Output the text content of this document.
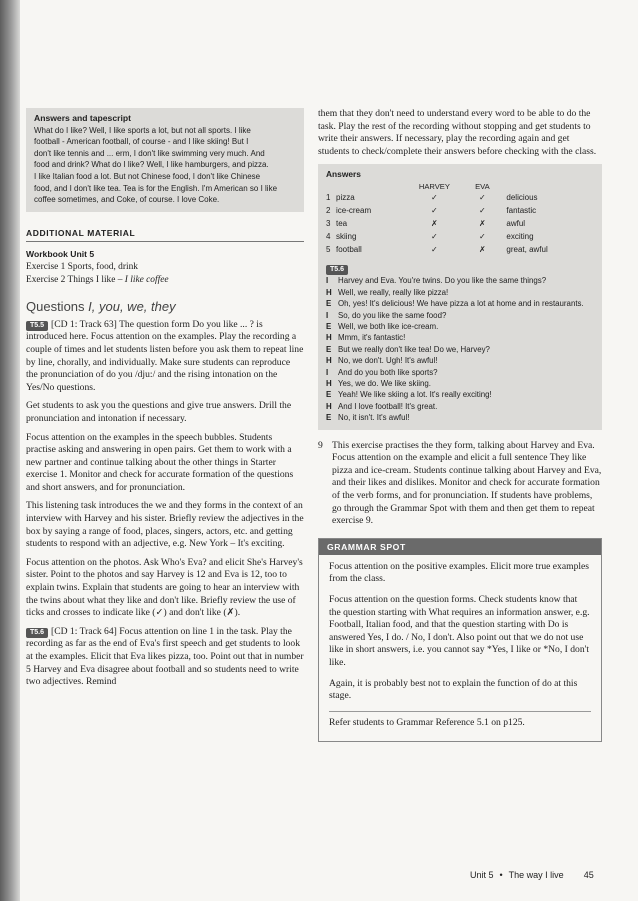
Answers and tapescript

What do I like? Well, I like sports a lot, but not all sports. I like

football - American football, of course - and I like skiing! But I

don't like tennis and ... erm, I don't like swimming very much. And

food and drink? What do I like? Well, I like hamburgers, and pizza.

I like Italian food a lot. But not Chinese food, I don't like Chinese

food, and I don't like tea. Tea is for the English. I'm American so I like

coffee sometimes, and Coke, of course. I love Coke.

ADDITIONAL MATERIAL
Workbook Unit 5
Exercise 1 Sports, food, drink
Exercise 2 Things I like – I like coffee
Questions I, you, we, they

T5.5 [CD 1: Track 63] The question form Do you like ... ? is introduced here. Focus attention on the examples. Play the recording a couple of times and let students listen before you ask them to repeat line by line, chorally, and individually. Make sure students can reproduce the pronunciation of do you /dju:/ and the rising intonation on the Yes/No questions.

Get students to ask you the questions and give true answers. Drill the pronunciation and intonation if necessary.

Focus attention on the examples in the speech bubbles. Students practise asking and answering in open pairs. Get them to work with a new partner and continue talking about the other things in Starter exercise 1. Monitor and check for accurate formation of the questions and short answers, and for pronunciation.

This listening task introduces the we and they forms in the context of an interview with Harvey and his sister. Briefly review the adjectives in the box by saying a range of food, places, singers, actors, etc. and getting students to respond with an adjective, e.g. New York – It's exciting.

Focus attention on the photos. Ask Who's Eva? and elicit She's Harvey's sister. Point to the photos and say Harvey is 12 and Eva is 12, too to explain twins. Explain that students are going to hear an interview with the twins about what they like and don't like. Briefly review the use of ticks and crosses to indicate like (✓) and don't like (✗).

T5.6 [CD 1: Track 64] Focus attention on line 1 in the task. Play the recording as far as the end of Eva's first speech and get students to look at the examples. Elicit that Eva likes pizza, too. Point out that in number 5 Harvey and Eva disagree about football and so students need to write two adjectives. Remind

them that they don't need to understand every word to be able to do the task. Play the rest of the recording without stopping and get students to write their answers. If necessary, play the recording again and get students to check/complete their answers before checking with the class.

Answers
		HARVEY	EVA	
1	pizza	✓	✓	delicious
2	ice-cream	✓	✓	fantastic
3	tea	✗	✗	awful
4	skiing	✓	✓	exciting
5	football	✓	✗	great, awful
T5.6
I	Harvey and Eva. You're twins. Do you like the same things?
H Well, we really, really like pizza!
E Oh, yes! It's delicious! We have pizza a lot at home and in restaurants.
I	So, do you like the same food?
E Well, we both like ice-cream.
H Mmm, it's fantastic!
E But we really don't like tea! Do we, Harvey?
H No, we don't. Ugh! It's awful!
I	And do you both like sports?
H Yes, we do. We like skiing.
E Yeah! We like skiing a lot. It's really exciting!
H And I love football! It's great.
E No, it isn't. It's awful!
9 This exercise practises the they form, talking about Harvey and Eva. Focus attention on the example and elicit a full sentence They like pizza and ice-cream. Students continue talking about Harvey and Eva, and their likes and dislikes. Monitor and check for accurate formation of the verb forms, and for pronunciation. If students have problems, go through the Grammar Spot with them and then get them to repeat exercise 9.

GRAMMAR SPOT

Focus attention on the positive examples. Elicit more true examples from the class.

Focus attention on the question forms. Check students know that the question starting with What requires an information answer, e.g. Football, Italian food, and that the question starting with Do is answered Yes, I do. / No, I don't. Also point out that we do not use like in short answers, i.e. you cannot say *Yes, I like or *No, I don't like.

Again, it is probably best not to explain the function of do at this stage.

Refer students to Grammar Reference 5.1 on p125.

Unit 5 • The way I live 45
